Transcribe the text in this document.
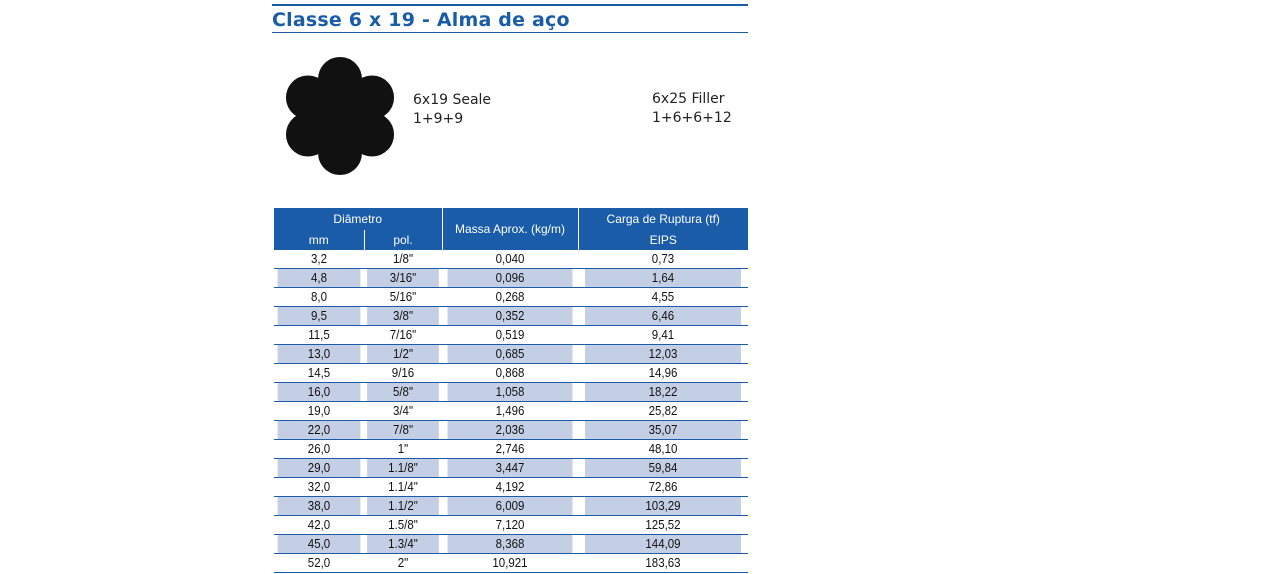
Classe 6 x 19 - Alma de aço
6x19 Seale
1+9+9
6x25 Filler
1+6+6+12
Diâmetro		Massa Aprox. (kg/m)	Carga de Ruptura (tf)
mm	pol.		EIPS
3,2	1/8"	0,040	0,73
4,8	3/16"	0,096	1,64
8,0	5/16"	0,268	4,55
9,5	3/8"	0,352	6,46
11,5	7/16"	0,519	9,41
13,0	1/2"	0,685	12,03
14,5	9/16	0,868	14,96
16,0	5/8"	1,058	18,22
19,0	3/4"	1,496	25,82
22,0	7/8"	2,036	35,07
26,0	1"	2,746	48,10
29,0	1.1/8"	3,447	59,84
32,0	1.1/4"	4,192	72,86
38,0	1.1/2"	6,009	103,29
42,0	1.5/8"	7,120	125,52
45,0	1.3/4"	8,368	144,09
52,0	2"	10,921	183,63
